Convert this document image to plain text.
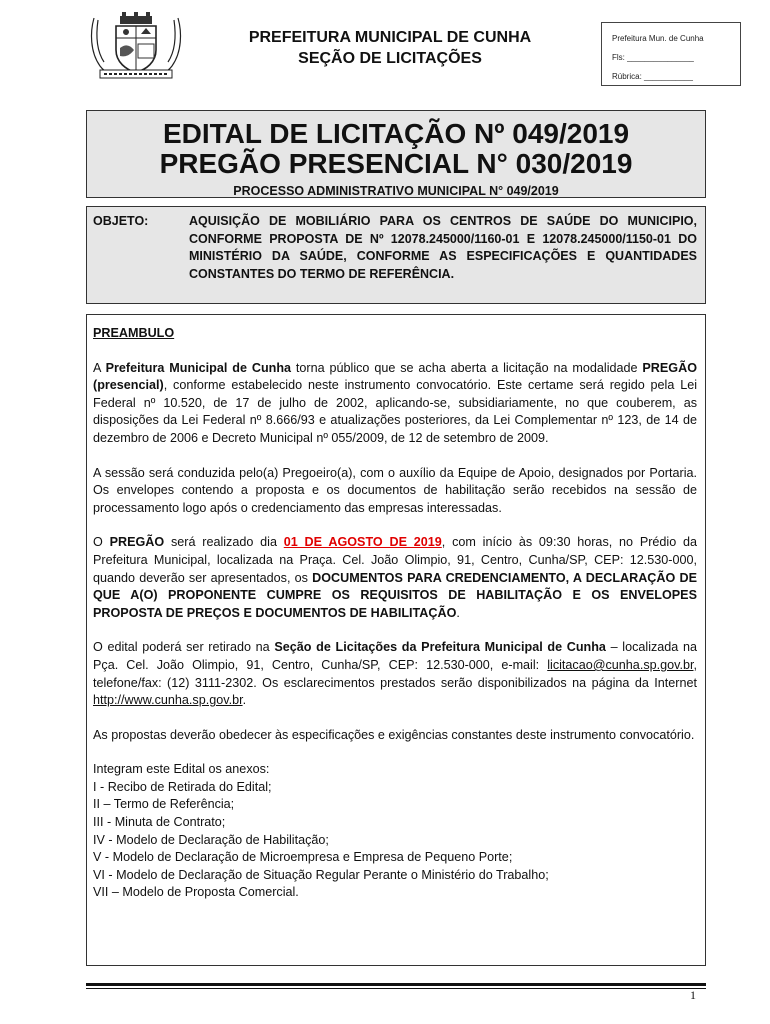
PREFEITURA MUNICIPAL DE CUNHA
SEÇÃO DE LICITAÇÕES
Prefeitura Mun. de Cunha
Fls: _______________
Rúbrica: ___________
EDITAL DE LICITAÇÃO Nº 049/2019
PREGÃO PRESENCIAL N° 030/2019
PROCESSO ADMINISTRATIVO MUNICIPAL N° 049/2019
OBJETO:	AQUISIÇÃO DE MOBILIÁRIO PARA OS CENTROS DE SAÚDE DO MUNICIPIO, CONFORME PROPOSTA DE Nº 12078.245000/1160-01 E 12078.245000/1150-01 DO MINISTÉRIO DA SAÚDE, CONFORME AS ESPECIFICAÇÕES E QUANTIDADES CONSTANTES DO TERMO DE REFERÊNCIA.
PREAMBULO

A Prefeitura Municipal de Cunha torna público que se acha aberta a licitação na modalidade PREGÃO (presencial), conforme estabelecido neste instrumento convocatório. Este certame será regido pela Lei Federal nº 10.520, de 17 de julho de 2002, aplicando-se, subsidiariamente, no que couberem, as disposições da Lei Federal nº 8.666/93 e atualizações posteriores, da Lei Complementar nº 123, de 14 de dezembro de 2006 e Decreto Municipal nº 055/2009, de 12 de setembro de 2009.

A sessão será conduzida pelo(a) Pregoeiro(a), com o auxílio da Equipe de Apoio, designados por Portaria. Os envelopes contendo a proposta e os documentos de habilitação serão recebidos na sessão de processamento logo após o credenciamento das empresas interessadas.

O PREGÃO será realizado dia 01 DE AGOSTO DE 2019, com início às 09:30 horas, no Prédio da Prefeitura Municipal, localizada na Praça. Cel. João Olimpio, 91, Centro, Cunha/SP, CEP: 12.530-000, quando deverão ser apresentados, os DOCUMENTOS PARA CREDENCIAMENTO, A DECLARAÇÃO DE QUE A(O) PROPONENTE CUMPRE OS REQUISITOS DE HABILITAÇÃO E OS ENVELOPES PROPOSTA DE PREÇOS E DOCUMENTOS DE HABILITAÇÃO.

O edital poderá ser retirado na Seção de Licitações da Prefeitura Municipal de Cunha – localizada na Pça. Cel. João Olimpio, 91, Centro, Cunha/SP, CEP: 12.530-000, e-mail: licitacao@cunha.sp.gov.br, telefone/fax: (12) 3111-2302. Os esclarecimentos prestados serão disponibilizados na página da Internet http://www.cunha.sp.gov.br.

As propostas deverão obedecer às especificações e exigências constantes deste instrumento convocatório.

Integram este Edital os anexos:
I - Recibo de Retirada do Edital;
II – Termo de Referência;
III - Minuta de Contrato;
IV - Modelo de Declaração de Habilitação;
V - Modelo de Declaração de Microempresa e Empresa de Pequeno Porte;
VI - Modelo de Declaração de Situação Regular Perante o Ministério do Trabalho;
VII – Modelo de Proposta Comercial.
1
